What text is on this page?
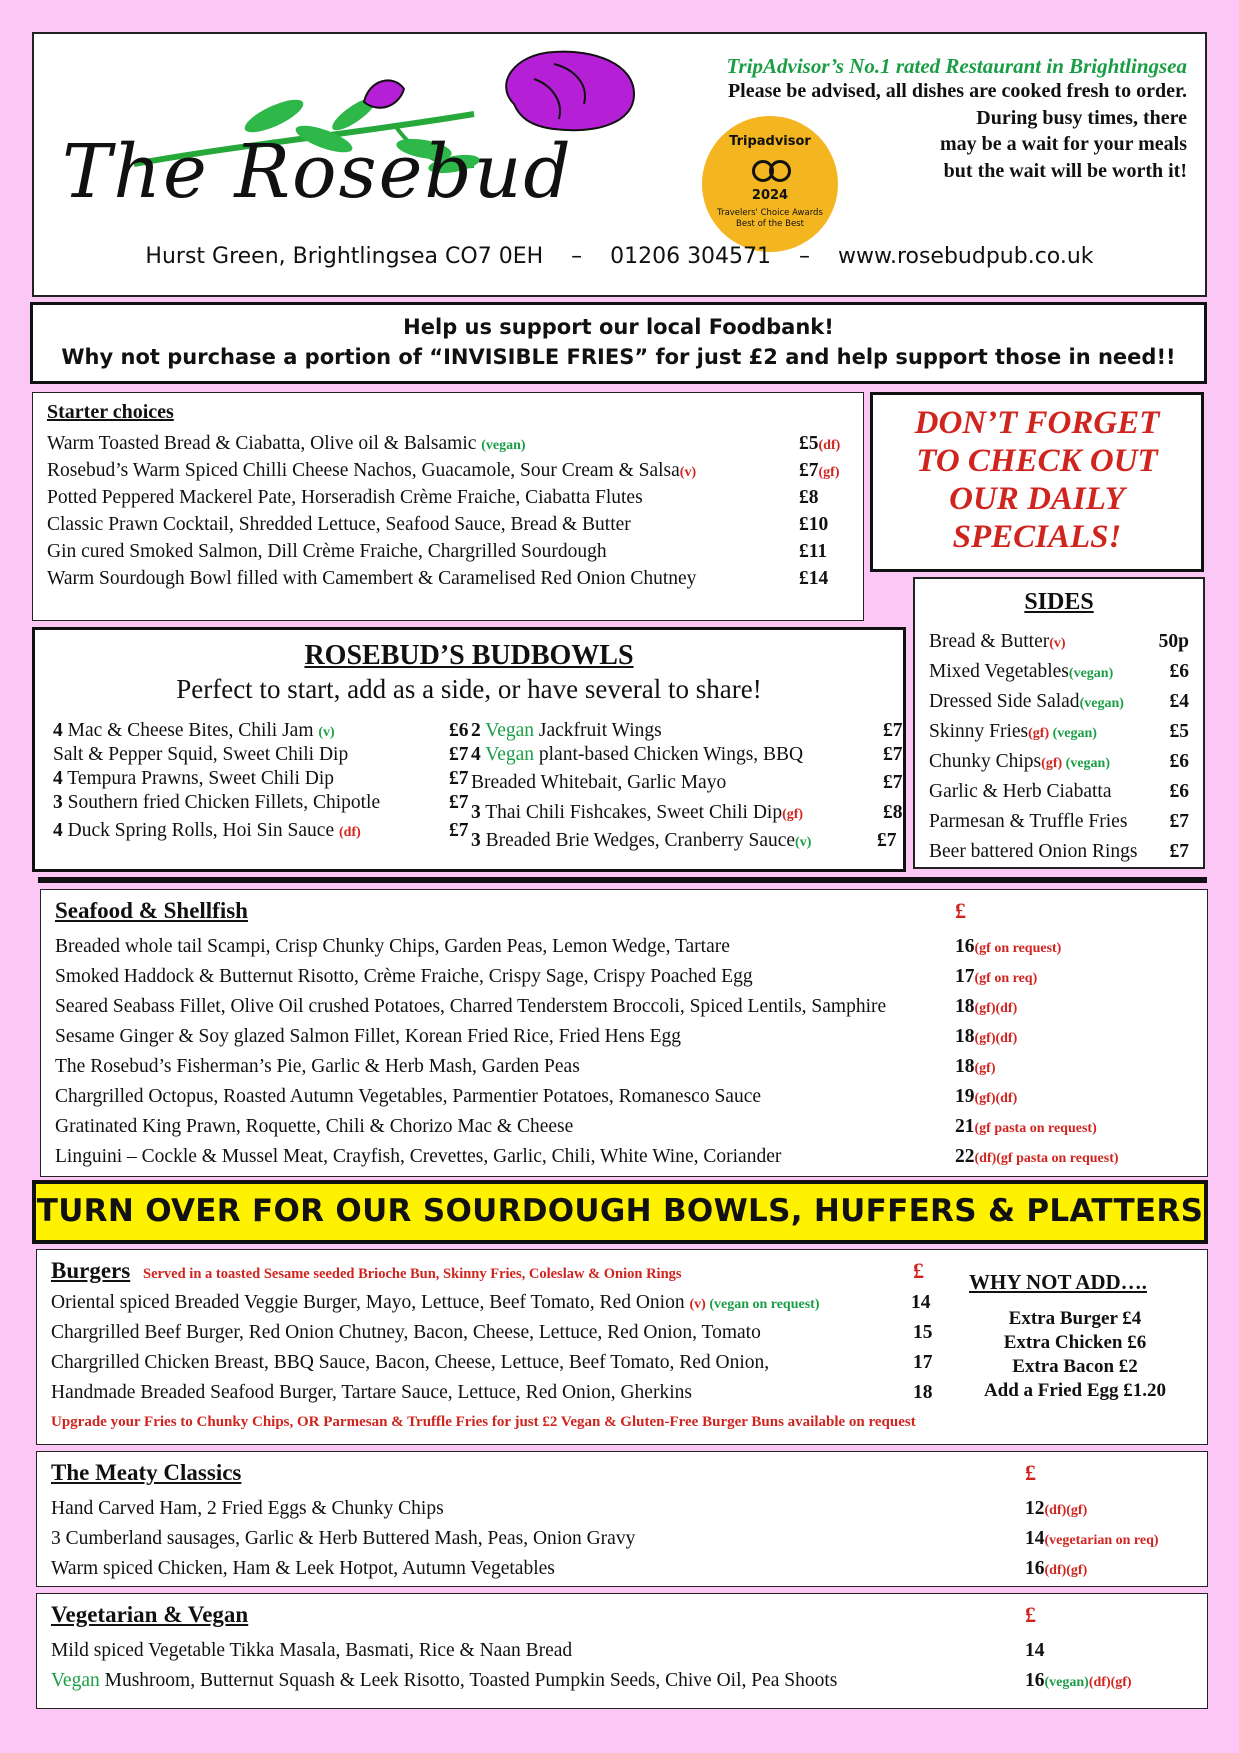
The Rosebud
TripAdvisor’s No.1 rated Restaurant in Brightlingsea
Please be advised, all dishes are cooked fresh to order.
During busy times, there
may be a wait for your meals
but the wait will be worth it!
Tripadvisor
2024
Travelers' Choice Awards Best of the Best
Hurst Green, Brightlingsea CO7 0EH    –    01206 304571    –    www.rosebudpub.co.uk
Help us support our local Foodbank!
Why not purchase a portion of “INVISIBLE FRIES” for just £2 and help support those in need!!
Starter choices
Warm Toasted Bread & Ciabatta, Olive oil & Balsamic (vegan)	£5(df)
Rosebud’s Warm Spiced Chilli Cheese Nachos, Guacamole, Sour Cream & Salsa(v)	£7(gf)
Potted Peppered Mackerel Pate, Horseradish Crème Fraiche, Ciabatta Flutes	£8
Classic Prawn Cocktail, Shredded Lettuce, Seafood Sauce, Bread & Butter	£10
Gin cured Smoked Salmon, Dill Crème Fraiche, Chargrilled Sourdough	£11
Warm Sourdough Bowl filled with Camembert & Caramelised Red Onion Chutney	£14
DON’T FORGET
TO CHECK OUT
OUR DAILY
SPECIALS!
SIDES
Bread & Butter(v)	50p
Mixed Vegetables(vegan)	£6
Dressed Side Salad(vegan) £4
Skinny Fries(gf) (vegan)	£5
Chunky Chips(gf) (vegan)	£6
Garlic & Herb Ciabatta	£6
Parmesan & Truffle Fries £7
Beer battered Onion Rings £7
ROSEBUD’S BUDBOWLS
Perfect to start, add as a side, or have several to share!
4 Mac & Cheese Bites, Chili Jam (v)	£6
Salt & Pepper Squid, Sweet Chili Dip	£7
4 Tempura Prawns, Sweet Chili Dip	£7
3 Southern fried Chicken Fillets, Chipotle	£7
4 Duck Spring Rolls, Hoi Sin Sauce (df)	£7
2 Vegan Jackfruit Wings	£7
4 Vegan plant-based Chicken Wings, BBQ	£7
Breaded Whitebait, Garlic Mayo	£7
3 Thai Chili Fishcakes, Sweet Chili Dip(gf)	£8
3 Breaded Brie Wedges, Cranberry Sauce(v)	£7
Seafood & Shellfish	£
Breaded whole tail Scampi, Crisp Chunky Chips, Garden Peas, Lemon Wedge, Tartare	16(gf on request)
Smoked Haddock & Butternut Risotto, Crème Fraiche, Crispy Sage, Crispy Poached Egg	17(gf on req)
Seared Seabass Fillet, Olive Oil crushed Potatoes, Charred Tenderstem Broccoli, Spiced Lentils, Samphire	18(gf)(df)
Sesame Ginger & Soy glazed Salmon Fillet, Korean Fried Rice, Fried Hens Egg	18(gf)(df)
The Rosebud’s Fisherman’s Pie, Garlic & Herb Mash, Garden Peas	18(gf)
Chargrilled Octopus, Roasted Autumn Vegetables, Parmentier Potatoes, Romanesco Sauce	19(gf)(df)
Gratinated King Prawn, Roquette, Chili & Chorizo Mac & Cheese	21(gf pasta on request)
Linguini – Cockle & Mussel Meat, Crayfish, Crevettes, Garlic, Chili, White Wine, Coriander	22(df)(gf pasta on request)
TURN OVER FOR OUR SOURDOUGH BOWLS, HUFFERS & PLATTERS
Burgers Served in a toasted Sesame seeded Brioche Bun, Skinny Fries, Coleslaw & Onion Rings	£
Oriental spiced Breaded Veggie Burger, Mayo, Lettuce, Beef Tomato, Red Onion (v) (vegan on request)	14
Chargrilled Beef Burger, Red Onion Chutney, Bacon, Cheese, Lettuce, Red Onion, Tomato	15
Chargrilled Chicken Breast, BBQ Sauce, Bacon, Cheese, Lettuce, Beef Tomato, Red Onion,	17
Handmade Breaded Seafood Burger, Tartare Sauce, Lettuce, Red Onion, Gherkins	18
Upgrade your Fries to Chunky Chips, OR Parmesan & Truffle Fries for just £2 Vegan & Gluten-Free Burger Buns available on request
WHY NOT ADD….
Extra Burger £4
Extra Chicken £6
Extra Bacon £2
Add a Fried Egg £1.20
The Meaty Classics	£
Hand Carved Ham, 2 Fried Eggs & Chunky Chips	12(df)(gf)
3 Cumberland sausages, Garlic & Herb Buttered Mash, Peas, Onion Gravy	14(vegetarian on req)
Warm spiced Chicken, Ham & Leek Hotpot, Autumn Vegetables	16(df)(gf)
Vegetarian & Vegan	£
Mild spiced Vegetable Tikka Masala, Basmati, Rice & Naan Bread	14
Vegan Mushroom, Butternut Squash & Leek Risotto, Toasted Pumpkin Seeds, Chive Oil, Pea Shoots	16(vegan)(df)(gf)
